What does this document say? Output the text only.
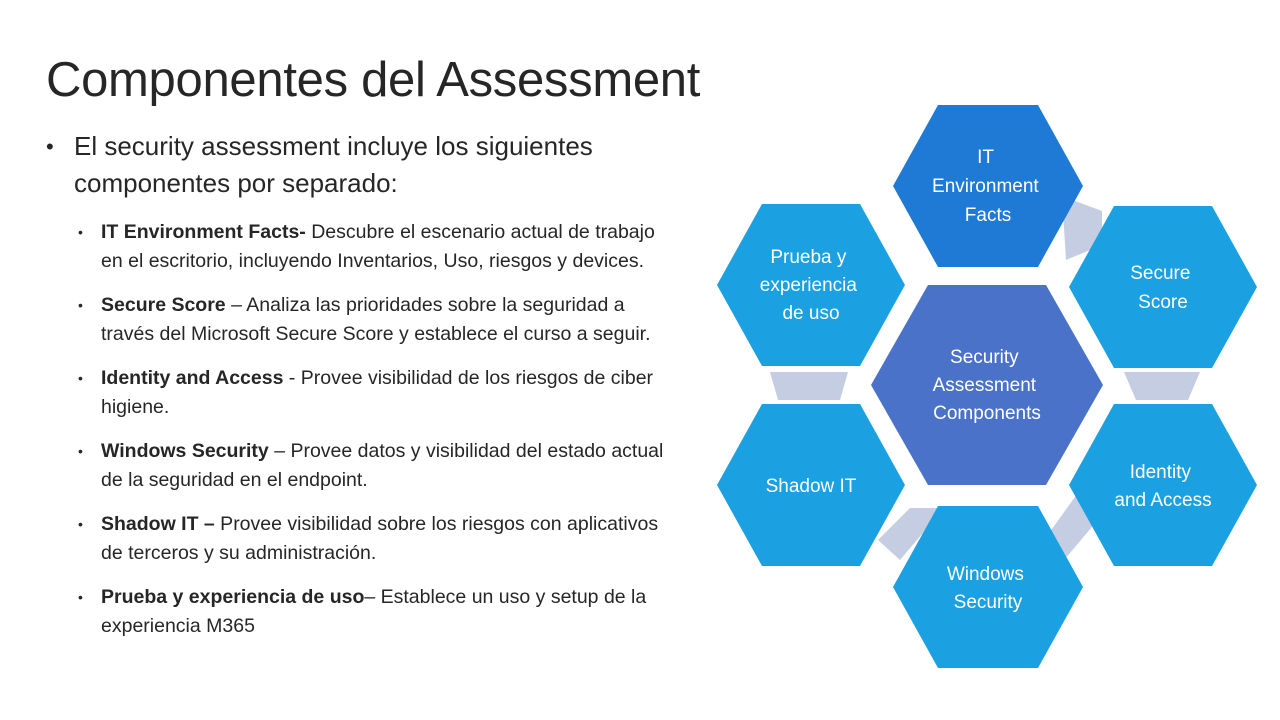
Componentes del Assessment
• El security assessment incluye los siguientes componentes por separado:
• IT Environment Facts- Descubre el escenario actual de trabajo en el escritorio, incluyendo Inventarios, Uso, riesgos y devices.
• Secure Score – Analiza las prioridades sobre la seguridad a través del Microsoft Secure Score y establece el curso a seguir.
• Identity and Access - Provee visibilidad de los riesgos de ciber higiene.
• Windows Security – Provee datos y visibilidad del estado actual de la seguridad en el endpoint.
• Shadow IT – Provee visibilidad sobre los riesgos con aplicativos de terceros y su administración.
• Prueba y experiencia de uso– Establece un uso y setup de la experiencia M365
IT Environment Facts
Secure Score
Identity and Access
Windows Security
Shadow IT
Prueba y experiencia de uso
Security Assessment Components
